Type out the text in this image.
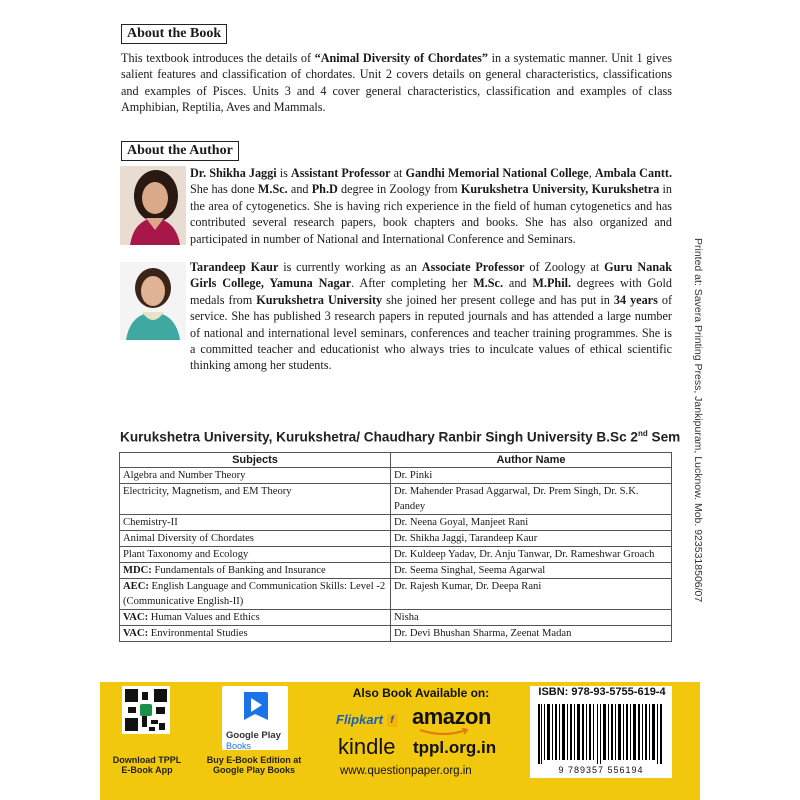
About the Book

This textbook introduces the details of “Animal Diversity of Chordates” in a systematic manner. Unit 1 gives salient features and classification of chordates. Unit 2 covers details on general characteristics, classifications and examples of Pisces. Units 3 and 4 cover general characteristics, classification and examples of class Amphibian, Reptilia, Aves and Mammals.

About the Author

Dr. Shikha Jaggi is Assistant Professor at Gandhi Memorial National College, Ambala Cantt. She has done M.Sc. and Ph.D degree in Zoology from Kurukshetra University, Kurukshetra in the area of cytogenetics. She is having rich experience in the field of human cytogenetics and has contributed several research papers, book chapters and books. She has also organized and participated in number of National and International Conference and Seminars.

Tarandeep Kaur is currently working as an Associate Professor of Zoology at Guru Nanak Girls College, Yamuna Nagar. After completing her M.Sc. and M.Phil. degrees with Gold medals from Kurukshetra University she joined her present college and has put in 34 years of service. She has published 3 research papers in reputed journals and has attended a large number of national and international level seminars, conferences and teacher training programmes. She is a committed teacher and educationist who always tries to inculcate values of ethical scientific thinking among her students.	Printed at: Savera Printing Press, Jankipuram, Lucknow. Mob. 9235318506/07
Kurukshetra University, Kurukshetra/ Chaudhary Ranbir Singh University B.Sc 2nd Sem
Subjects	Author Name
Algebra and Number Theory	Dr. Pinki
Electricity, Magnetism, and EM Theory	Dr. Mahender Prasad Aggarwal, Dr. Prem Singh, Dr. S.K. Pandey
Chemistry-II	Dr. Neena Goyal, Manjeet Rani
Animal Diversity of Chordates	Dr. Shikha Jaggi, Tarandeep Kaur
Plant Taxonomy and Ecology	Dr. Kuldeep Yadav, Dr. Anju Tanwar, Dr. Rameshwar Groach
MDC: Fundamentals of Banking and Insurance	Dr. Seema Singhal, Seema Agarwal
AEC: English Language and Communication Skills: Level -2
(Communicative English-II)	Dr. Rajesh Kumar, Dr. Deepa Rani
VAC: Human Values and Ethics	Nisha
VAC: Environmental Studies	Dr. Devi Bhushan Sharma, Zeenat Madan
Download TPPL
E-Book App
Google Play
Books
Buy E-Book Edition at
Google Play Books
Also Book Available on:
Flipkart f amazon
kindle tppl.org.in
www.questionpaper.org.in
ISBN: 978-93-5755-619-4
9 789357 556194
